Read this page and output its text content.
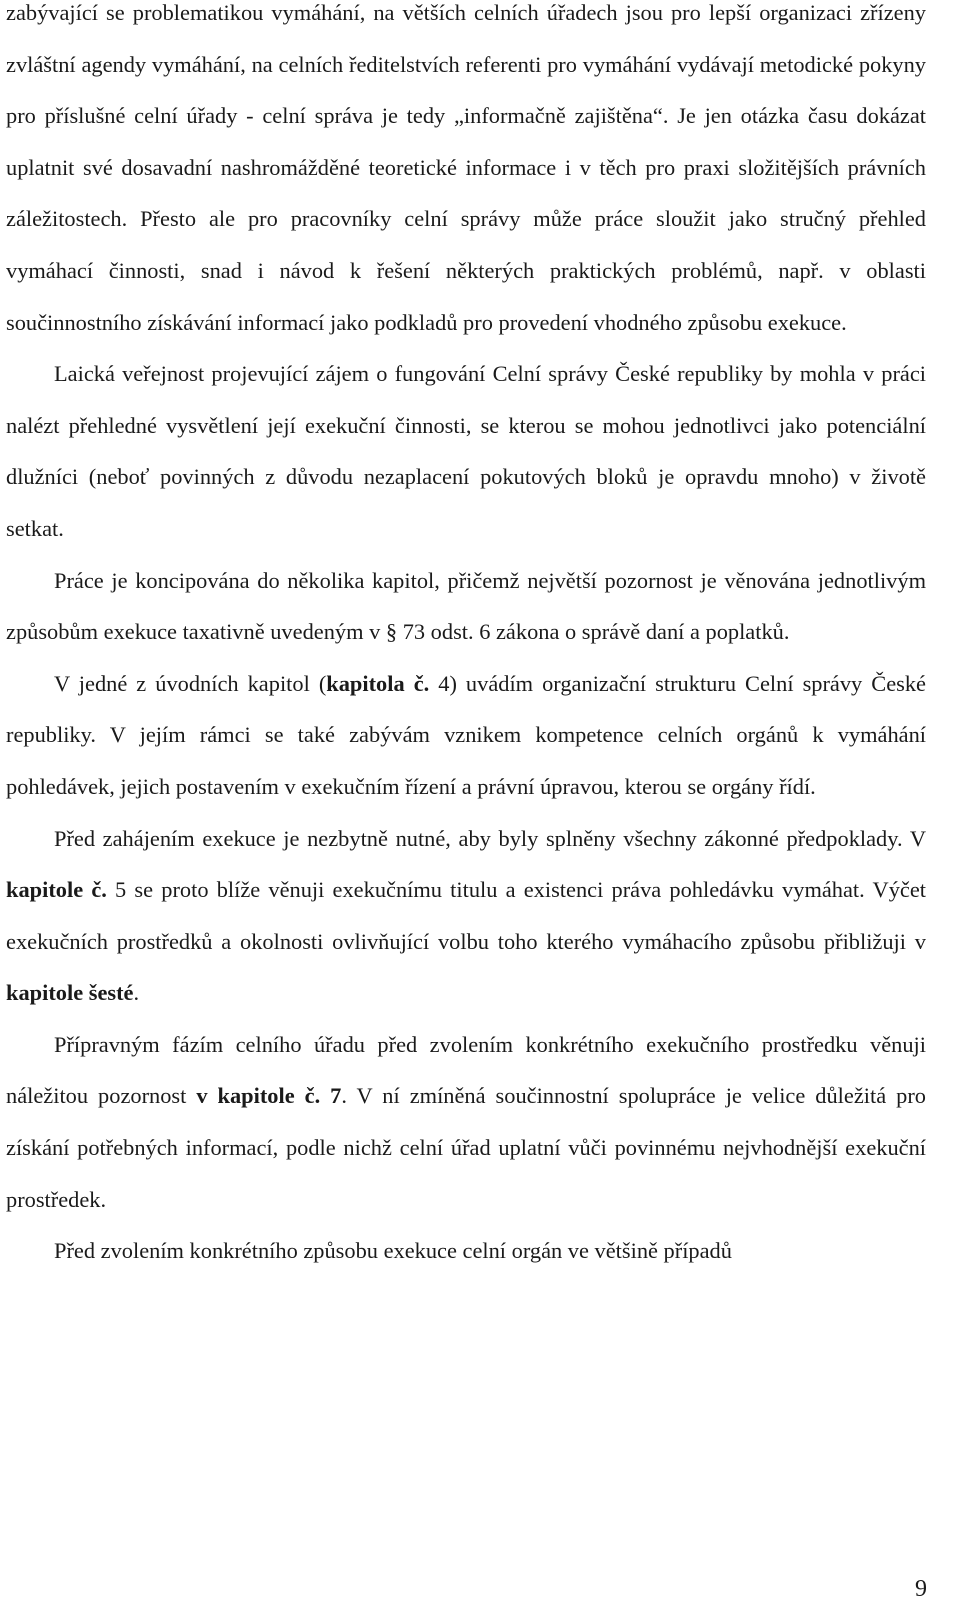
zabývající se problematikou vymáhání, na větších celních úřadech jsou pro lepší organizaci zřízeny zvláštní agendy vymáhání, na celních ředitelstvích referenti pro vymáhání vydávají metodické pokyny pro příslušné celní úřady - celní správa je tedy „informačně zajištěna“. Je jen otázka času dokázat uplatnit své dosavadní nashromážděné teoretické informace i v těch pro praxi složitějších právních záležitostech. Přesto ale pro pracovníky celní správy může práce sloužit jako stručný přehled vymáhací činnosti, snad i návod k řešení některých praktických problémů, např. v oblasti součinnostního získávání informací jako podkladů pro provedení vhodného způsobu exekuce.

Laická veřejnost projevující zájem o fungování Celní správy České republiky by mohla v práci nalézt přehledné vysvětlení její exekuční činnosti, se kterou se mohou jednotlivci jako potenciální dlužníci (neboť povinných z důvodu nezaplacení pokutových bloků je opravdu mnoho) v životě setkat.

Práce je koncipována do několika kapitol, přičemž největší pozornost je věnována jednotlivým způsobům exekuce taxativně uvedeným v § 73 odst. 6 zákona o správě daní a poplatků.

V jedné z úvodních kapitol (kapitola č. 4) uvádím organizační strukturu Celní správy České republiky. V jejím rámci se také zabývám vznikem kompetence celních orgánů k vymáhání pohledávek, jejich postavením v exekučním řízení a právní úpravou, kterou se orgány řídí.

Před zahájením exekuce je nezbytně nutné, aby byly splněny všechny zákonné předpoklady. V kapitole č. 5 se proto blíže věnuji exekučnímu titulu a existenci práva pohledávku vymáhat. Výčet exekučních prostředků a okolnosti ovlivňující volbu toho kterého vymáhacího způsobu přibližuji v kapitole šesté.

Přípravným fázím celního úřadu před zvolením konkrétního exekučního prostředku věnuji náležitou pozornost v kapitole č. 7. V ní zmíněná součinnostní spolupráce je velice důležitá pro získání potřebných informací, podle nichž celní úřad uplatní vůči povinnému nejvhodnější exekuční prostředek.

Před zvolením konkrétního způsobu exekuce celní orgán ve většině případů

9
